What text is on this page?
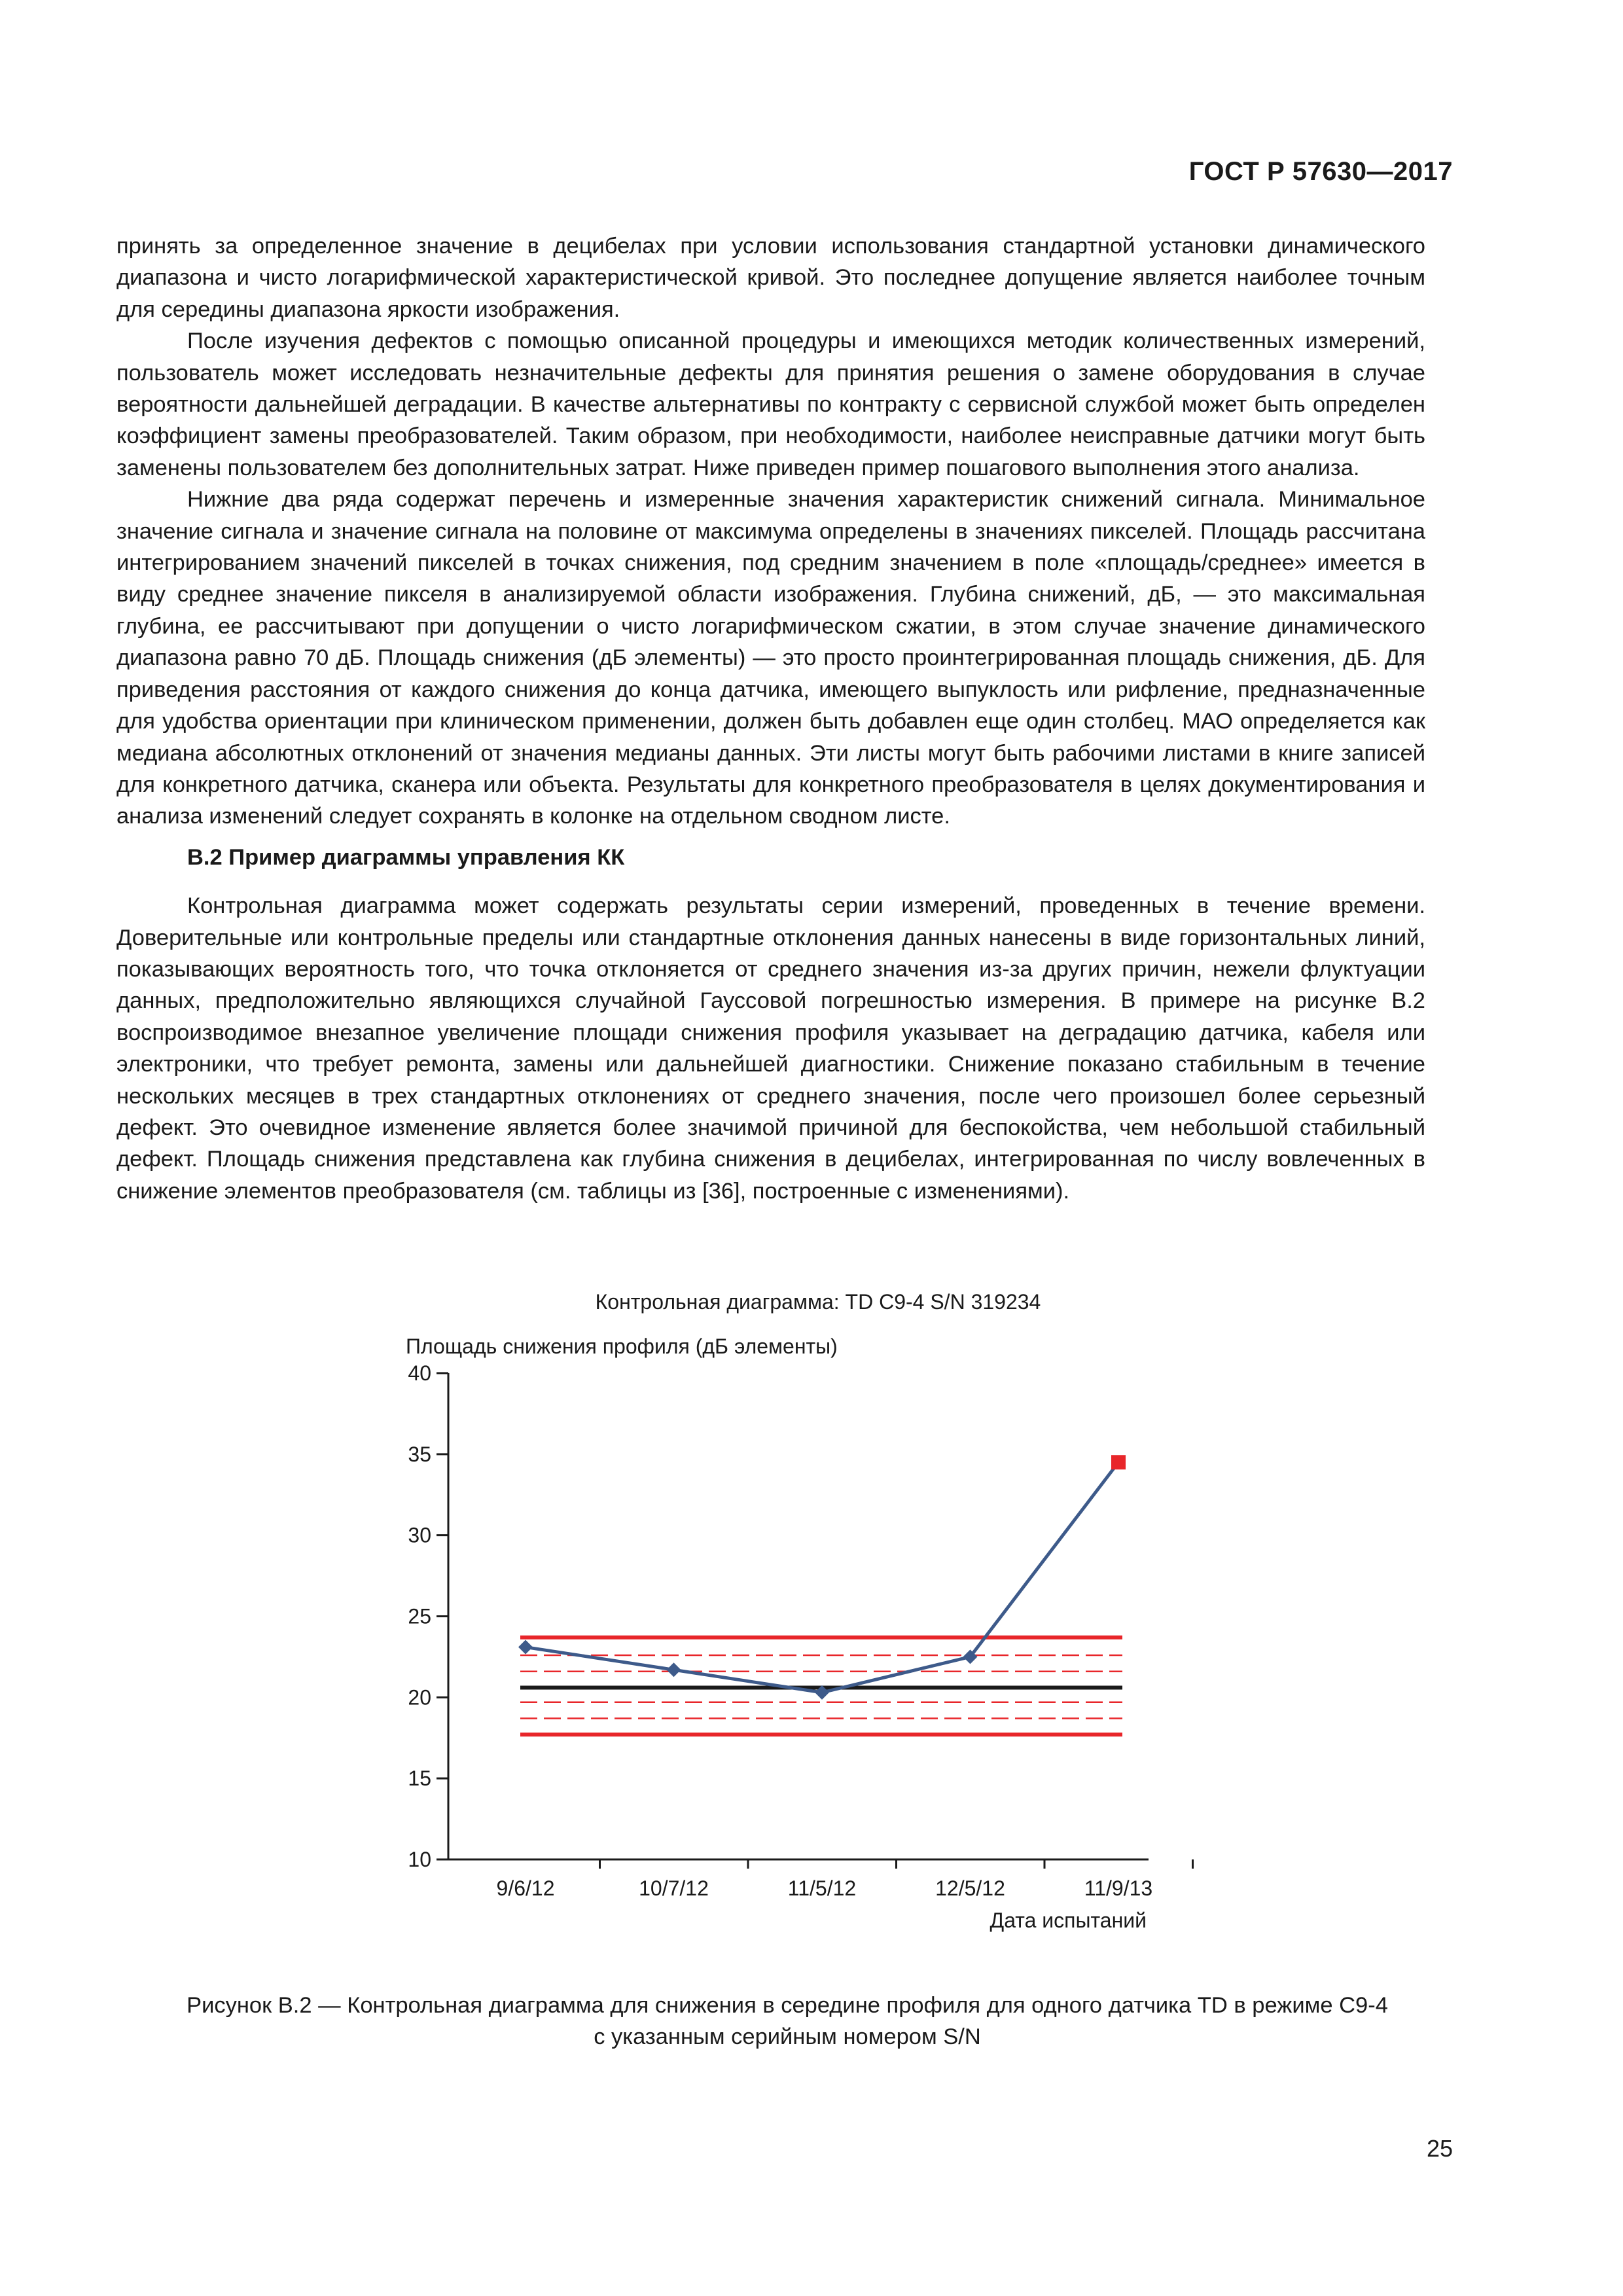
ГОСТ Р 57630—2017

принять за определенное значение в децибелах при условии использования стандартной установки динамического диапазона и чисто логарифмической характеристической кривой. Это последнее допущение является наиболее точным для середины диапазона яркости изображения.

После изучения дефектов с помощью описанной процедуры и имеющихся методик количественных измерений, пользователь может исследовать незначительные дефекты для принятия решения о замене оборудования в случае вероятности дальнейшей деградации. В качестве альтернативы по контракту с сервисной службой может быть определен коэффициент замены преобразователей. Таким образом, при необходимости, наиболее неисправные датчики могут быть заменены пользователем без дополнительных затрат. Ниже приведен пример пошагового выполнения этого анализа.

Нижние два ряда содержат перечень и измеренные значения характеристик снижений сигнала. Минимальное значение сигнала и значение сигнала на половине от максимума определены в значениях пикселей. Площадь рассчитана интегрированием значений пикселей в точках снижения, под средним значением в поле «площадь/среднее» имеется в виду среднее значение пикселя в анализируемой области изображения. Глубина снижений, дБ, — это максимальная глубина, ее рассчитывают при допущении о чисто логарифмическом сжатии, в этом случае значение динамического диапазона равно 70 дБ. Площадь снижения (дБ элементы) — это просто проинтегрированная площадь снижения, дБ. Для приведения расстояния от каждого снижения до конца датчика, имеющего выпуклость или рифление, предназначенные для удобства ориентации при клиническом применении, должен быть добавлен еще один столбец. МАО определяется как медиана абсолютных отклонений от значения медианы данных. Эти листы могут быть рабочими листами в книге записей для конкретного датчика, сканера или объекта. Результаты для конкретного преобразователя в целях документирования и анализа изменений следует сохранять в колонке на отдельном сводном листе.

B.2 Пример диаграммы управления КК

Контрольная диаграмма может содержать результаты серии измерений, проведенных в течение времени. Доверительные или контрольные пределы или стандартные отклонения данных нанесены в виде горизонтальных линий, показывающих вероятность того, что точка отклоняется от среднего значения из-за других причин, нежели флуктуации данных, предположительно являющихся случайной Гауссовой погрешностью измерения. В примере на рисунке B.2 воспроизводимое внезапное увеличение площади снижения профиля указывает на деградацию датчика, кабеля или электроники, что требует ремонта, замены или дальнейшей диагностики. Снижение показано стабильным в течение нескольких месяцев в трех стандартных отклонениях от среднего значения, после чего произошел более серьезный дефект. Это очевидное изменение является более значимой причиной для беспокойства, чем небольшой стабильный дефект. Площадь снижения представлена как глубина снижения в децибелах, интегрированная по числу вовлеченных в снижение элементов преобразователя (см. таблицы из [36], построенные с изменениями).

Контрольная диаграмма: TD C9-4 S/N 319234
Площадь снижения профиля (дБ элементы)
Дата испытаний
10
15
20
25
30
35
40
9/6/12	10/7/12	11/5/12	12/5/12	11/9/13
Рисунок B.2 — Контрольная диаграмма для снижения в середине профиля для одного датчика TD в режиме C9-4
с указанным серийным номером S/N
25
